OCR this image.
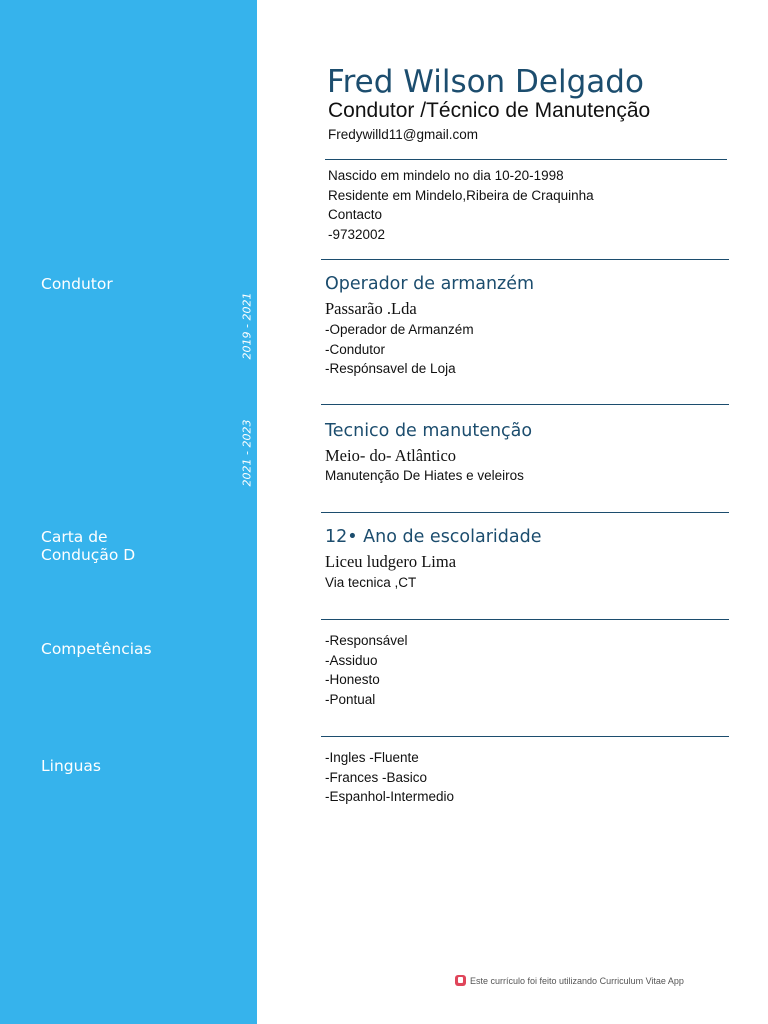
Condutor
2019 - 2021
2021 - 2023
Carta de
Condução D
Competências
Linguas
Fred Wilson Delgado
Condutor /Técnico de Manutenção
Fredywilld11@gmail.com
Nascido em mindelo no dia 10-20-1998
Residente em Mindelo,Ribeira de Craquinha
Contacto
-9732002
Operador de armanzém
Passarão .Lda
-Operador de Armanzém
-Condutor
-Respónsavel de Loja
Tecnico de manutenção
Meio- do- Atlântico
Manutenção De Hiates e veleiros
12• Ano de escolaridade
Liceu ludgero Lima
Via tecnica ,CT
-Responsável
-Assiduo
-Honesto
-Pontual
-Ingles -Fluente
-Frances -Basico
-Espanhol-Intermedio
Este currículo foi feito utilizando Curriculum Vitae App
